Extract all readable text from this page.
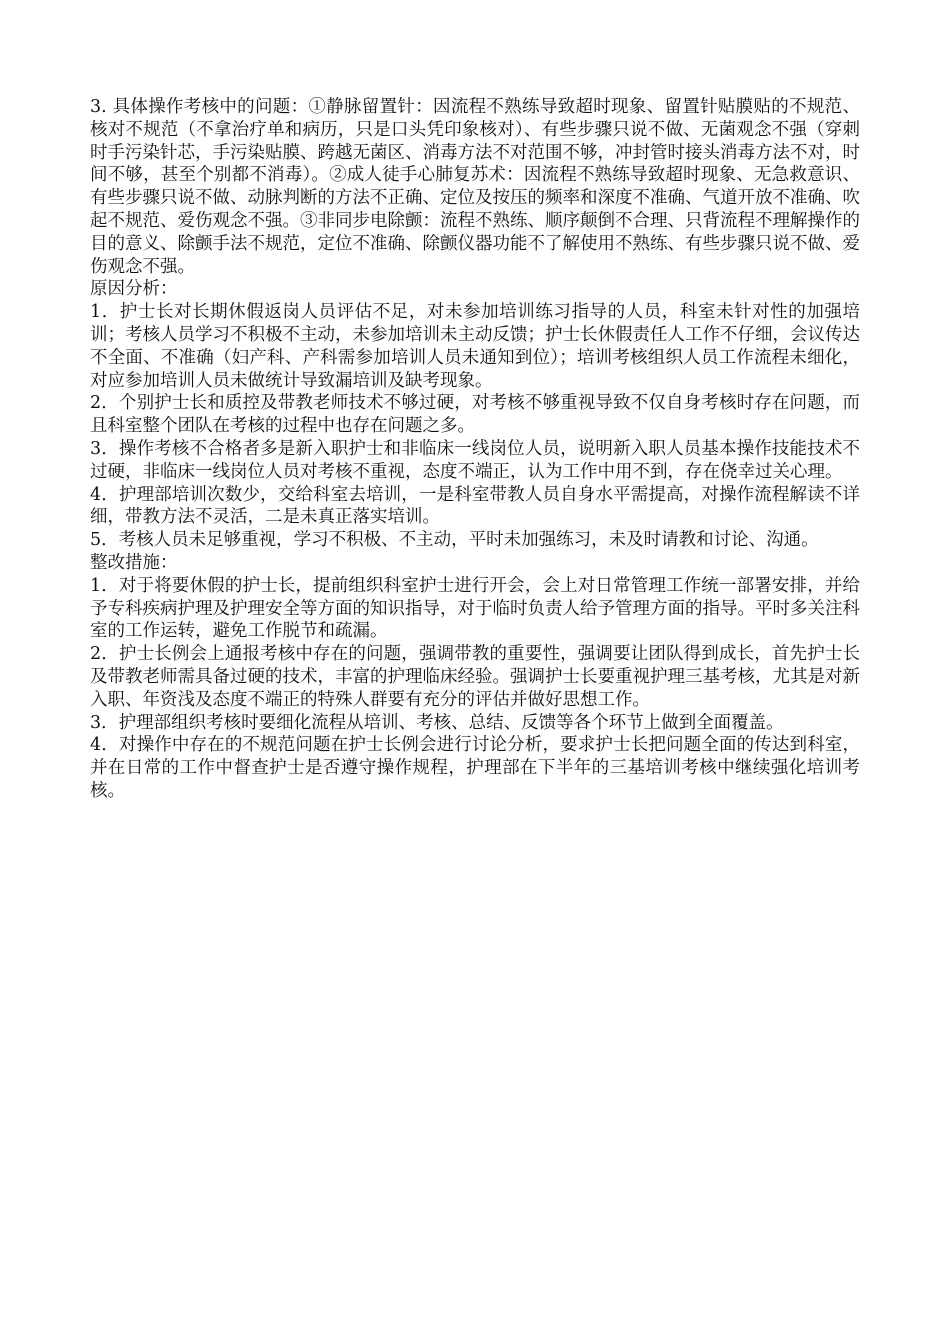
3. 具体操作考核中的问题：①静脉留置针：因流程不熟练导致超时现象、留置针贴膜贴的不规范、核对不规范（不拿治疗单和病历，只是口头凭印象核对）、有些步骤只说不做、无菌观念不强（穿刺时手污染针芯，手污染贴膜、跨越无菌区、消毒方法不对范围不够，冲封管时接头消毒方法不对，时间不够，甚至个别都不消毒）。②成人徒手心肺复苏术：因流程不熟练导致超时现象、无急救意识、有些步骤只说不做、动脉判断的方法不正确、定位及按压的频率和深度不准确、气道开放不准确、吹起不规范、爱伤观念不强。③非同步电除颤：流程不熟练、顺序颠倒不合理、只背流程不理解操作的目的意义、除颤手法不规范，定位不准确、除颤仪器功能不了解使用不熟练、有些步骤只说不做、爱伤观念不强。

原因分析：

1．护士长对长期休假返岗人员评估不足，对未参加培训练习指导的人员，科室未针对性的加强培训；考核人员学习不积极不主动，未参加培训未主动反馈；护士长休假责任人工作不仔细，会议传达不全面、不准确（妇产科、产科需参加培训人员未通知到位）；培训考核组织人员工作流程未细化，对应参加培训人员未做统计导致漏培训及缺考现象。

2．个别护士长和质控及带教老师技术不够过硬，对考核不够重视导致不仅自身考核时存在问题，而且科室整个团队在考核的过程中也存在问题之多。

3．操作考核不合格者多是新入职护士和非临床一线岗位人员，说明新入职人员基本操作技能技术不过硬，非临床一线岗位人员对考核不重视，态度不端正，认为工作中用不到，存在侥幸过关心理。

4．护理部培训次数少，交给科室去培训，一是科室带教人员自身水平需提高，对操作流程解读不详细，带教方法不灵活，二是未真正落实培训。

5．考核人员未足够重视，学习不积极、不主动，平时未加强练习，未及时请教和讨论、沟通。

整改措施：

1．对于将要休假的护士长，提前组织科室护士进行开会，会上对日常管理工作统一部署安排，并给予专科疾病护理及护理安全等方面的知识指导，对于临时负责人给予管理方面的指导。平时多关注科室的工作运转，避免工作脱节和疏漏。

2．护士长例会上通报考核中存在的问题，强调带教的重要性，强调要让团队得到成长，首先护士长及带教老师需具备过硬的技术，丰富的护理临床经验。强调护士长要重视护理三基考核，尤其是对新入职、年资浅及态度不端正的特殊人群要有充分的评估并做好思想工作。

3．护理部组织考核时要细化流程从培训、考核、总结、反馈等各个环节上做到全面覆盖。

4．对操作中存在的不规范问题在护士长例会进行讨论分析，要求护士长把问题全面的传达到科室，并在日常的工作中督查护士是否遵守操作规程，护理部在下半年的三基培训考核中继续强化培训考核。
